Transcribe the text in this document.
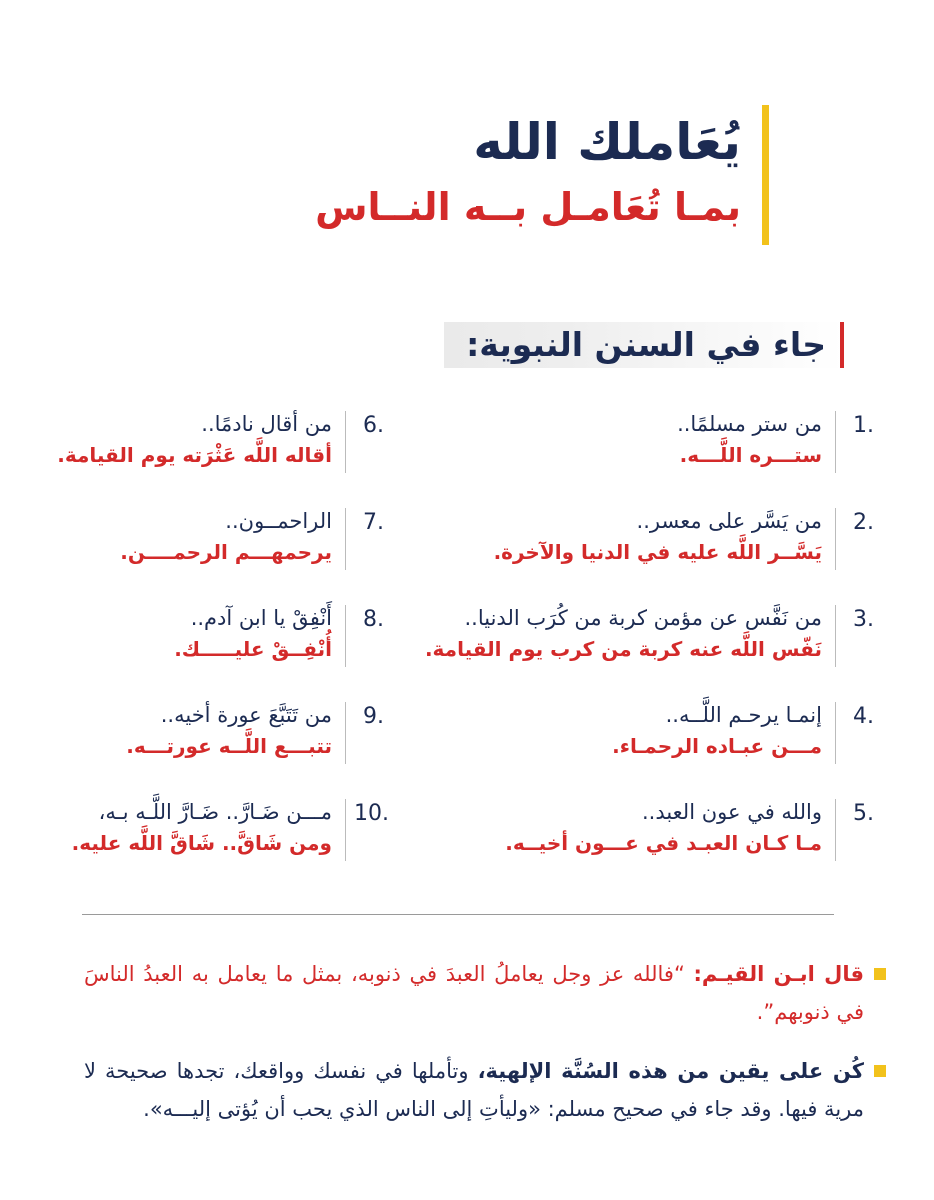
يُعَاملك الله
بمـا تُعَامـل بــه النــاس
جاء في السنن النبوية:
1.
من ستر مسلمًا..
ستـــره اللَّـــه.
2.
من يَسَّر على معسر..
يَسَّــر اللَّه عليه في الدنيا والآخرة.
3.
من نَفَّس عن مؤمن كربة من كُرَب الدنيا..
نَفّس اللَّه عنه كربة من كرب يوم القيامة.
4.
إنمـا يرحـم اللَّــه..
مـــن عبـاده الرحمـاء.
5.
والله في عون العبد..
مـا كـان العبـد في عـــون أخيــه.
6.
من أقال نادمًا..
أقاله اللَّه عَثْرَته يوم القيامة.
7.
الراحمــون..
يرحمهـــم الرحمــــن.
8.
أَنْفِقْ يا ابن آدم..
أُنْفِــقْ عليـــــك.
9.
من تَتَبَّعَ عورة أخيه..
تتبـــع اللَّــه عورتـــه.
10.
مـــن ضَـارَّ.. ضَـارَّ اللَّـه بـه،
ومن شَاقَّ.. شَاقَّ اللَّه عليه.
قال ابـن القيـم: “فالله عز وجل يعاملُ العبدَ في ذنوبه، بمثل ما يعامل به العبدُ الناسَ في ذنوبهم”.
كُن على يقين من هذه السُنَّة الإلهية، وتأملها في نفسك وواقعك، تجدها صحيحة لا مرية فيها. وقد جاء في صحيح مسلم: «وليأتِ إلى الناس الذي يحب أن يُؤتى إليـــه».
